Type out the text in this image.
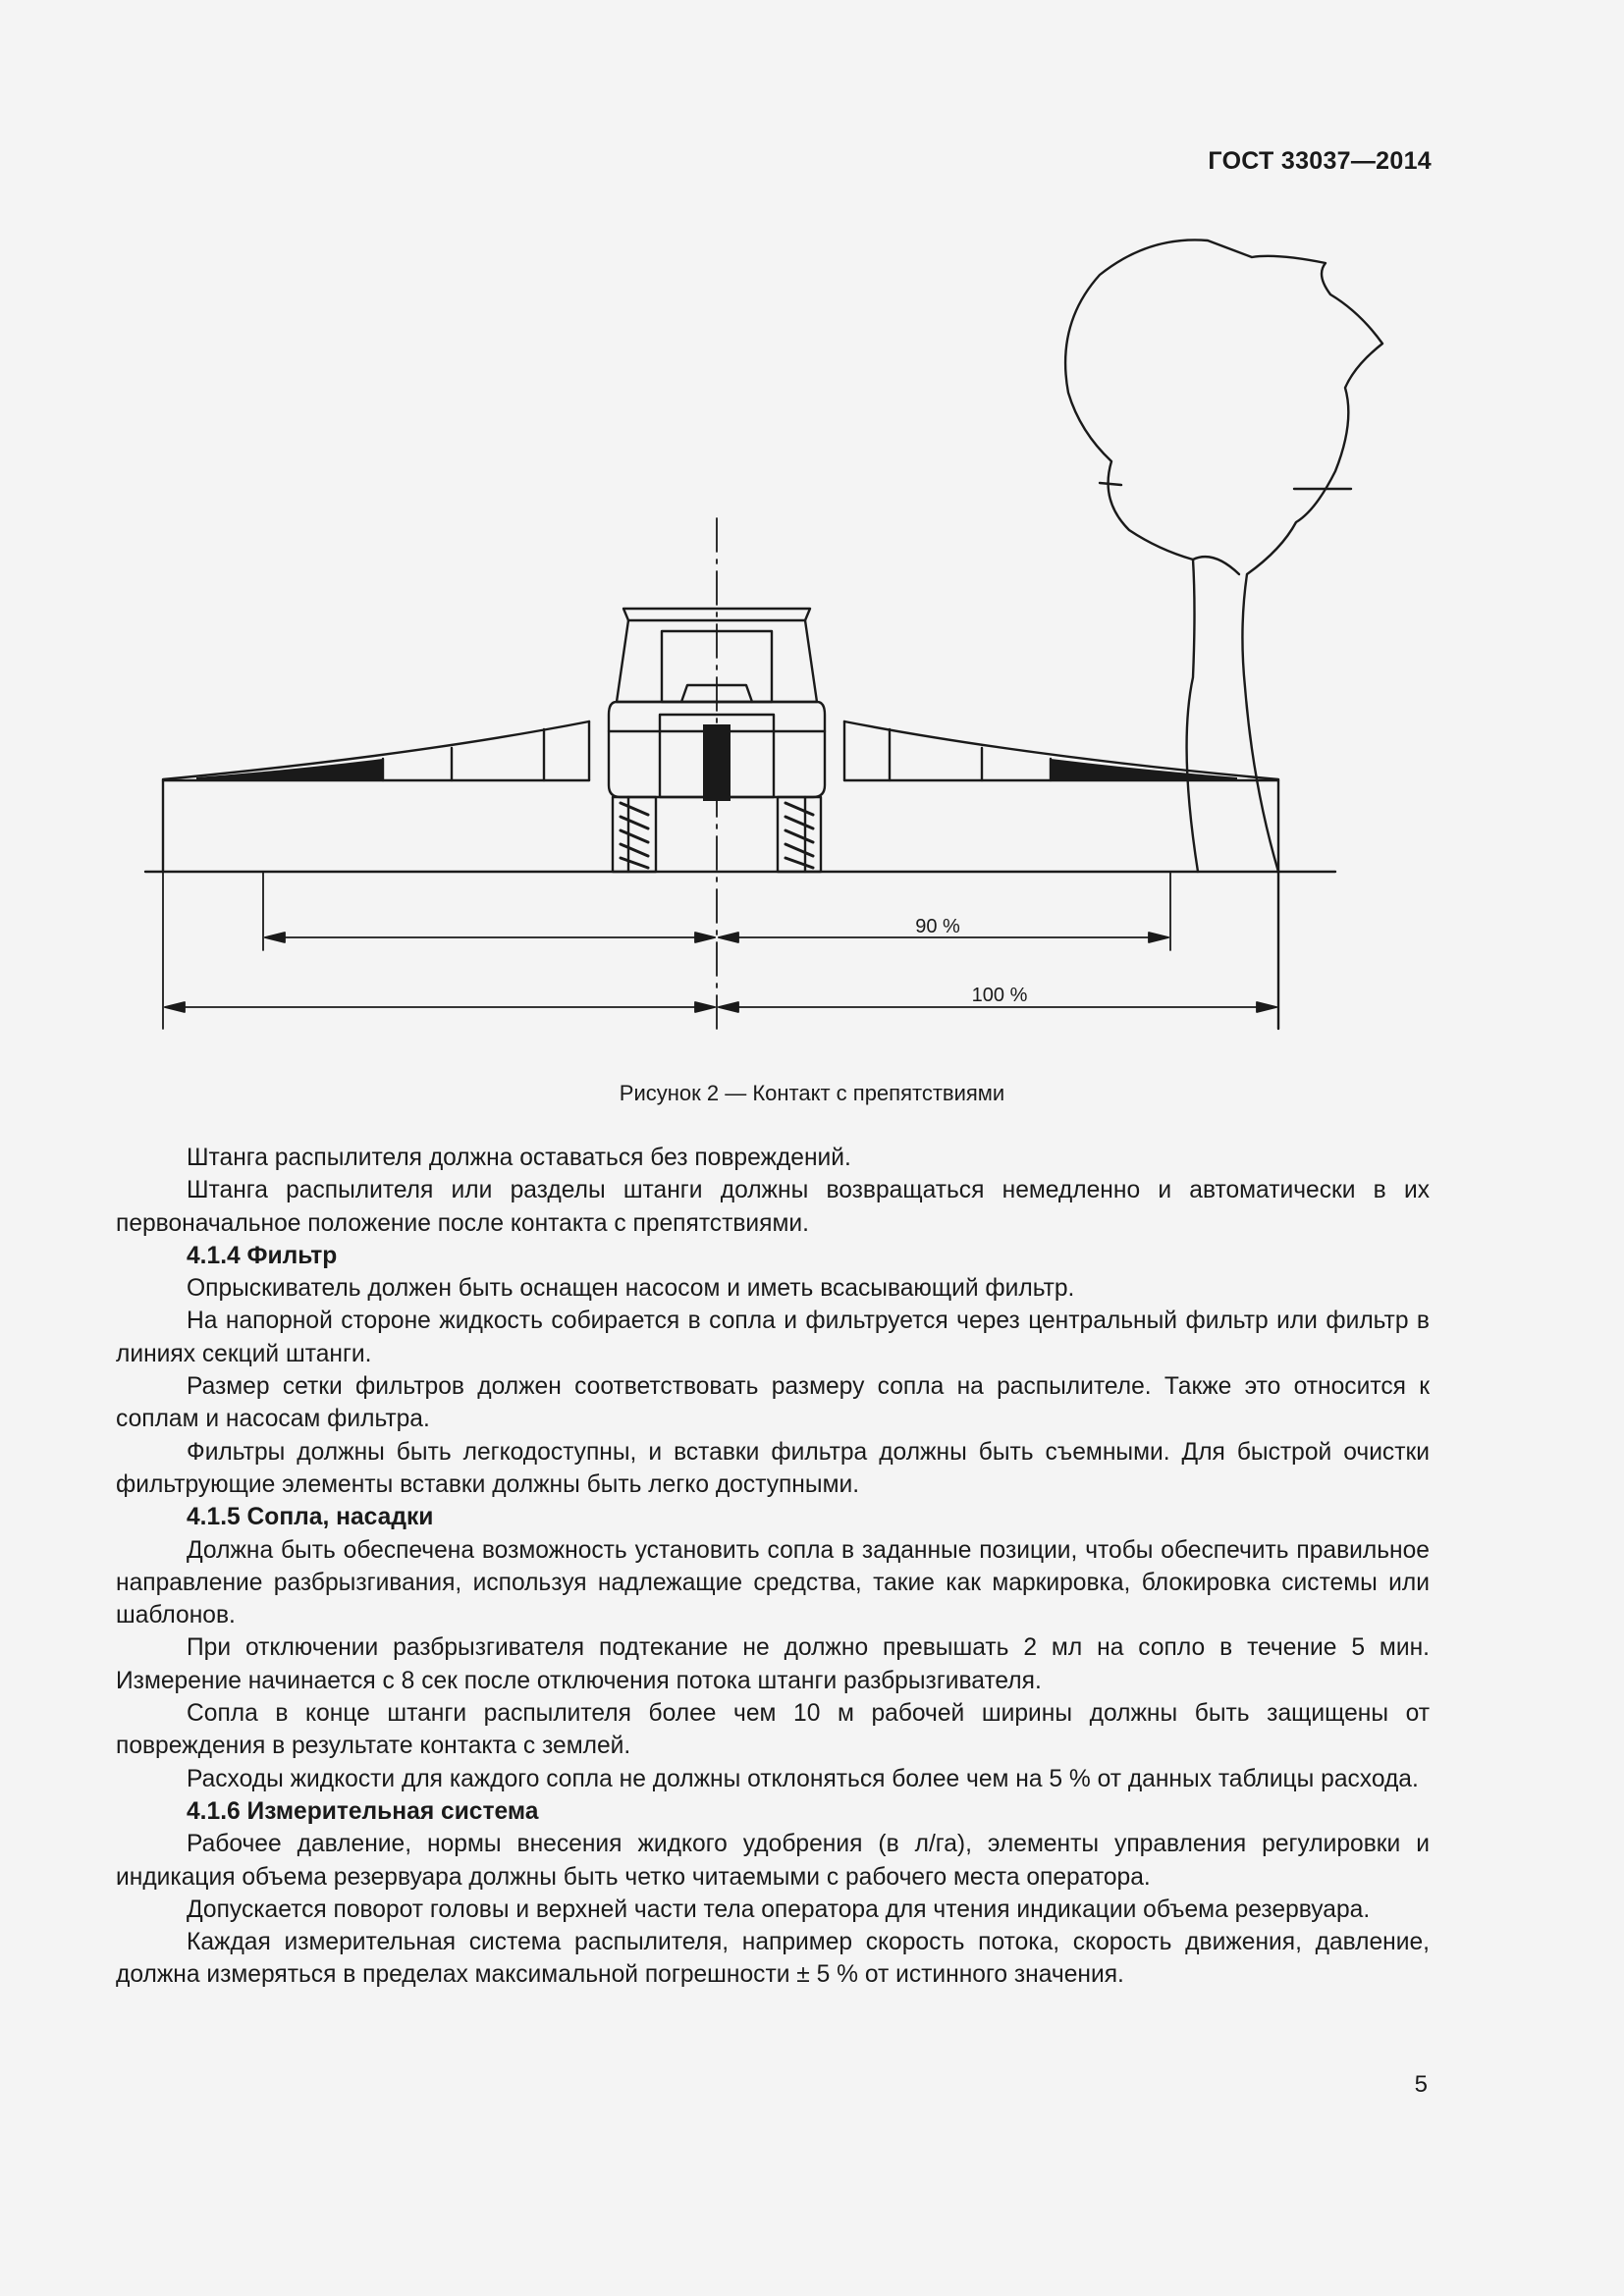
ГОСТ 33037—2014
90 %
100 %
Рисунок 2 — Контакт с препятствиями

Штанга распылителя должна оставаться без повреждений.

Штанга распылителя или разделы штанги должны возвращаться немедленно и автоматически в их первоначальное положение после контакта с препятствиями.

4.1.4 Фильтр

Опрыскиватель должен быть оснащен насосом и иметь всасывающий фильтр.

На напорной стороне жидкость собирается в сопла и фильтруется через центральный фильтр или фильтр в линиях секций штанги.

Размер сетки фильтров должен соответствовать размеру сопла на распылителе. Также это относится к соплам и насосам фильтра.

Фильтры должны быть легкодоступны, и вставки фильтра должны быть съемными. Для быстрой очистки фильтрующие элементы вставки должны быть легко доступными.

4.1.5 Сопла, насадки

Должна быть обеспечена возможность установить сопла в заданные позиции, чтобы обеспечить правильное направление разбрызгивания, используя надлежащие средства, такие как маркировка, блокировка системы или шаблонов.

При отключении разбрызгивателя подтекание не должно превышать 2 мл на сопло в течение 5 мин. Измерение начинается с 8 сек после отключения потока штанги разбрызгивателя.

Сопла в конце штанги распылителя более чем 10 м рабочей ширины должны быть защищены от повреждения в результате контакта с землей.

Расходы жидкости для каждого сопла не должны отклоняться более чем на 5 % от данных таблицы расхода.

4.1.6 Измерительная система

Рабочее давление, нормы внесения жидкого удобрения (в л/га), элементы управления регулировки и индикация объема резервуара должны быть четко читаемыми с рабочего места оператора.

Допускается поворот головы и верхней части тела оператора для чтения индикации объема резервуара.

Каждая измерительная система распылителя, например скорость потока, скорость движения, давление, должна измеряться в пределах максимальной погрешности ± 5 % от истинного значения.

5
